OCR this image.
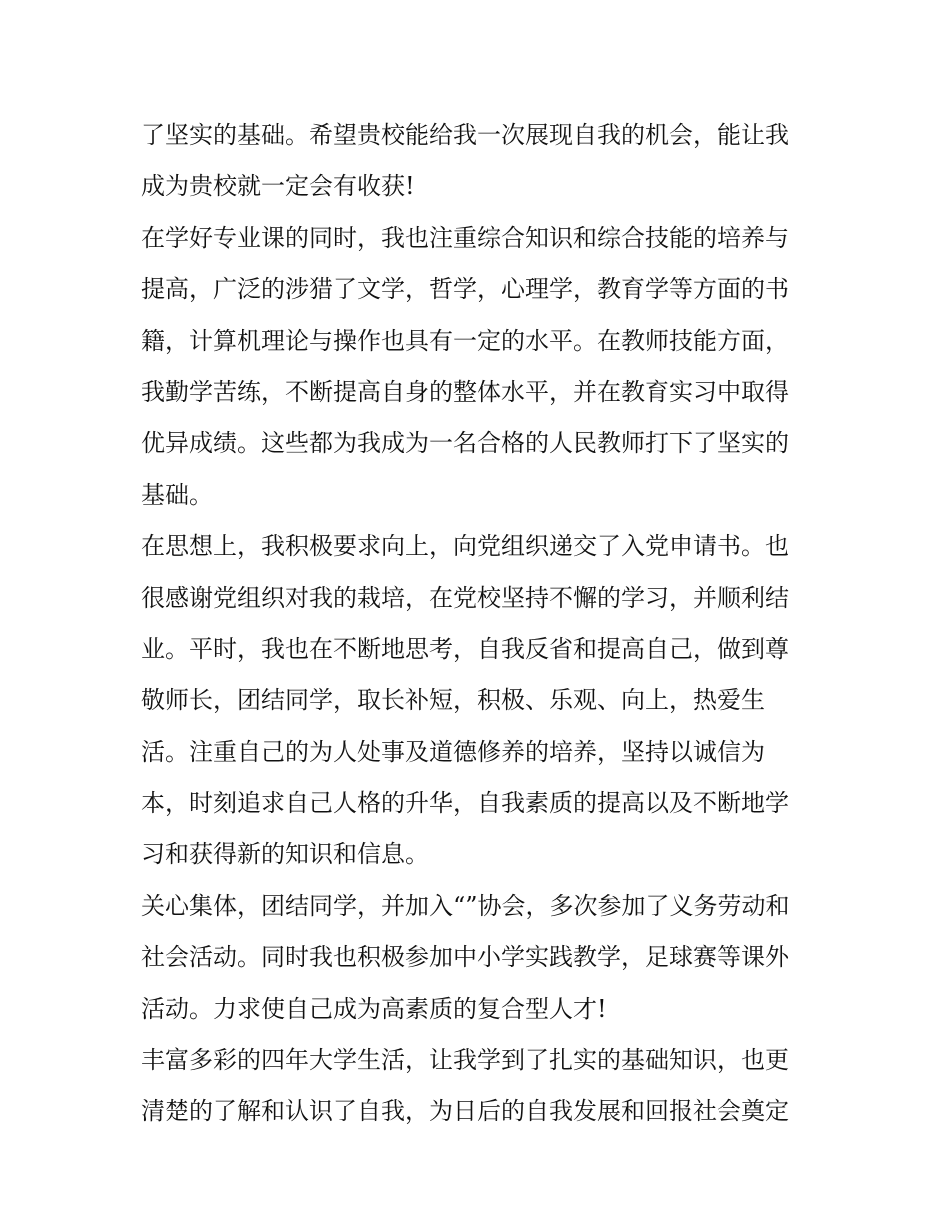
了坚实的基础。希望贵校能给我一次展现自我的机会，能让我
成为贵校就一定会有收获!
在学好专业课的同时，我也注重综合知识和综合技能的培养与
提高，广泛的涉猎了文学，哲学，心理学，教育学等方面的书
籍，计算机理论与操作也具有一定的水平。在教师技能方面，
我勤学苦练，不断提高自身的整体水平，并在教育实习中取得
优异成绩。这些都为我成为一名合格的人民教师打下了坚实的
基础。
在思想上，我积极要求向上，向党组织递交了入党申请书。也
很感谢党组织对我的栽培，在党校坚持不懈的学习，并顺利结
业。平时，我也在不断地思考，自我反省和提高自己，做到尊
敬师长，团结同学，取长补短，积极、乐观、向上，热爱生
活。注重自己的为人处事及道德修养的培养，坚持以诚信为
本，时刻追求自己人格的升华，自我素质的提高以及不断地学
习和获得新的知识和信息。
关心集体，团结同学，并加入“”协会，多次参加了义务劳动和
社会活动。同时我也积极参加中小学实践教学，足球赛等课外
活动。力求使自己成为高素质的复合型人才!
丰富多彩的四年大学生活，让我学到了扎实的基础知识，也更
清楚的了解和认识了自我，为日后的自我发展和回报社会奠定
